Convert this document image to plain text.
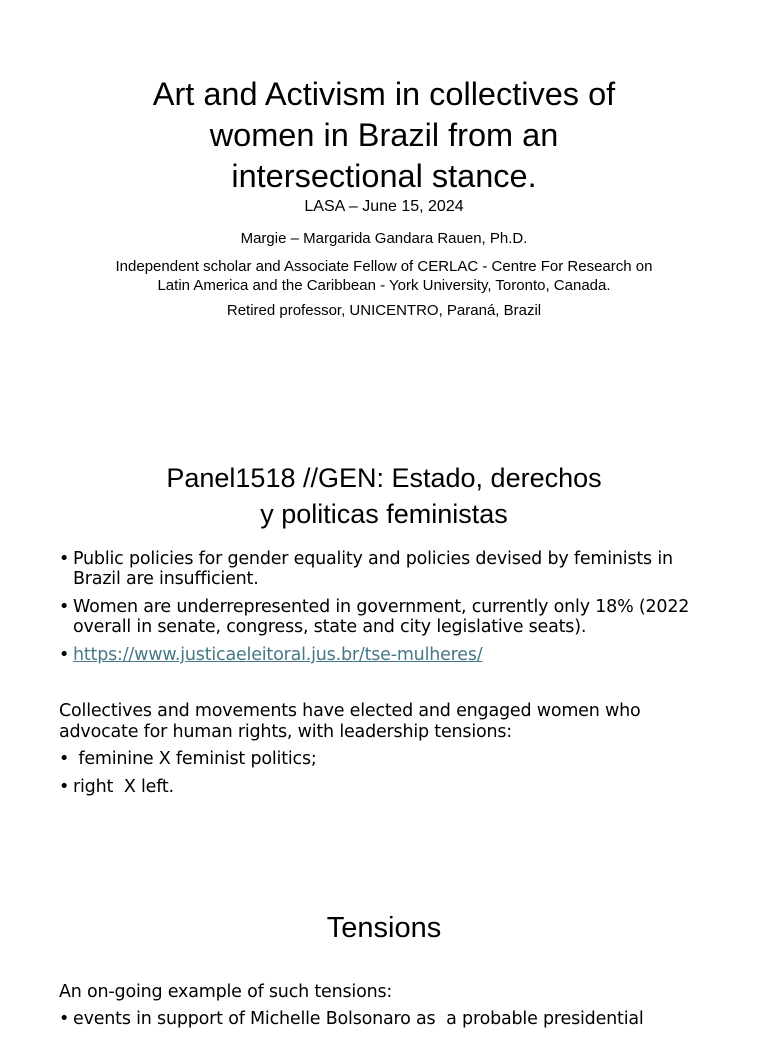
Art and Activism in collectives of
women in Brazil from an
intersectional stance.

LASA – June 15, 2024

Margie – Margarida Gandara Rauen, Ph.D.

Independent scholar and Associate Fellow of CERLAC - Centre For Research on
Latin America and the Caribbean - York University, Toronto, Canada.

Retired professor, UNICENTRO, Paraná, Brazil

Panel1518 //GEN: Estado, derechos
y politicas feministas
• Public policies for gender equality and policies devised by feminists in
Brazil are insufficient.
• Women are underrepresented in government, currently only 18% (2022
overall in senate, congress, state and city legislative seats).
• https://www.justicaeleitoral.jus.br/tse-mulheres/

Collectives and movements have elected and engaged women who
advocate for human rights, with leadership tensions:

• feminine X feminist politics;
• right  X left.
Tensions

An on-going example of such tensions:

• events in support of Michelle Bolsonaro as  a probable presidential
